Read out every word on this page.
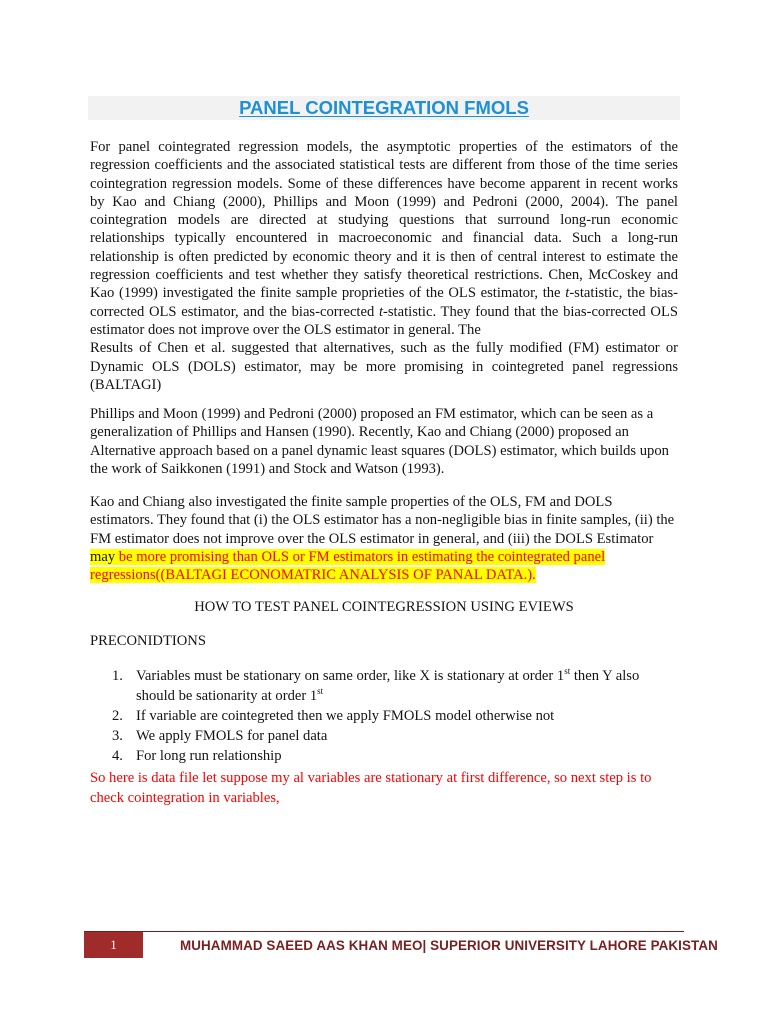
PANEL COINTEGRATION FMOLS

For panel cointegrated regression models, the asymptotic properties of the estimators of the regression coefficients and the associated statistical tests are different from those of the time series cointegration regression models. Some of these differences have become apparent in recent works by Kao and Chiang (2000), Phillips and Moon (1999) and Pedroni (2000, 2004). The panel cointegration models are directed at studying questions that surround long-run economic relationships typically encountered in macroeconomic and financial data. Such a long-run relationship is often predicted by economic theory and it is then of central interest to estimate the regression coefficients and test whether they satisfy theoretical restrictions. Chen, McCoskey and Kao (1999) investigated the finite sample proprieties of the OLS estimator, the t-statistic, the bias-corrected OLS estimator, and the bias-corrected t-statistic. They found that the bias-corrected OLS estimator does not improve over the OLS estimator in general. The
Results of Chen et al. suggested that alternatives, such as the fully modified (FM) estimator or Dynamic OLS (DOLS) estimator, may be more promising in cointegreted panel regressions (BALTAGI)

Phillips and Moon (1999) and Pedroni (2000) proposed an FM estimator, which can be seen as a generalization of Phillips and Hansen (1990). Recently, Kao and Chiang (2000) proposed an Alternative approach based on a panel dynamic least squares (DOLS) estimator, which builds upon the work of Saikkonen (1991) and Stock and Watson (1993).

Kao and Chiang also investigated the finite sample properties of the OLS, FM and DOLS estimators. They found that (i) the OLS estimator has a non-negligible bias in finite samples, (ii) the FM estimator does not improve over the OLS estimator in general, and (iii) the DOLS Estimator may be more promising than OLS or FM estimators in estimating the cointegrated panel regressions((BALTAGI ECONOMATRIC ANALYSIS OF PANAL DATA.).

HOW TO TEST PANEL COINTEGRESSION USING EVIEWS
PRECONIDTIONS
1. Variables must be stationary on same order, like X is stationary at order 1st then Y also should be sationarity at order 1st
2. If variable are cointegreted then we apply FMOLS model otherwise not
3. We apply FMOLS for panel data
4. For long run relationship

So here is data file let suppose my al variables are stationary at first difference, so next step is to check cointegration in variables,

1	MUHAMMAD SAEED AAS KHAN MEO| SUPERIOR UNIVERSITY LAHORE PAKISTAN
